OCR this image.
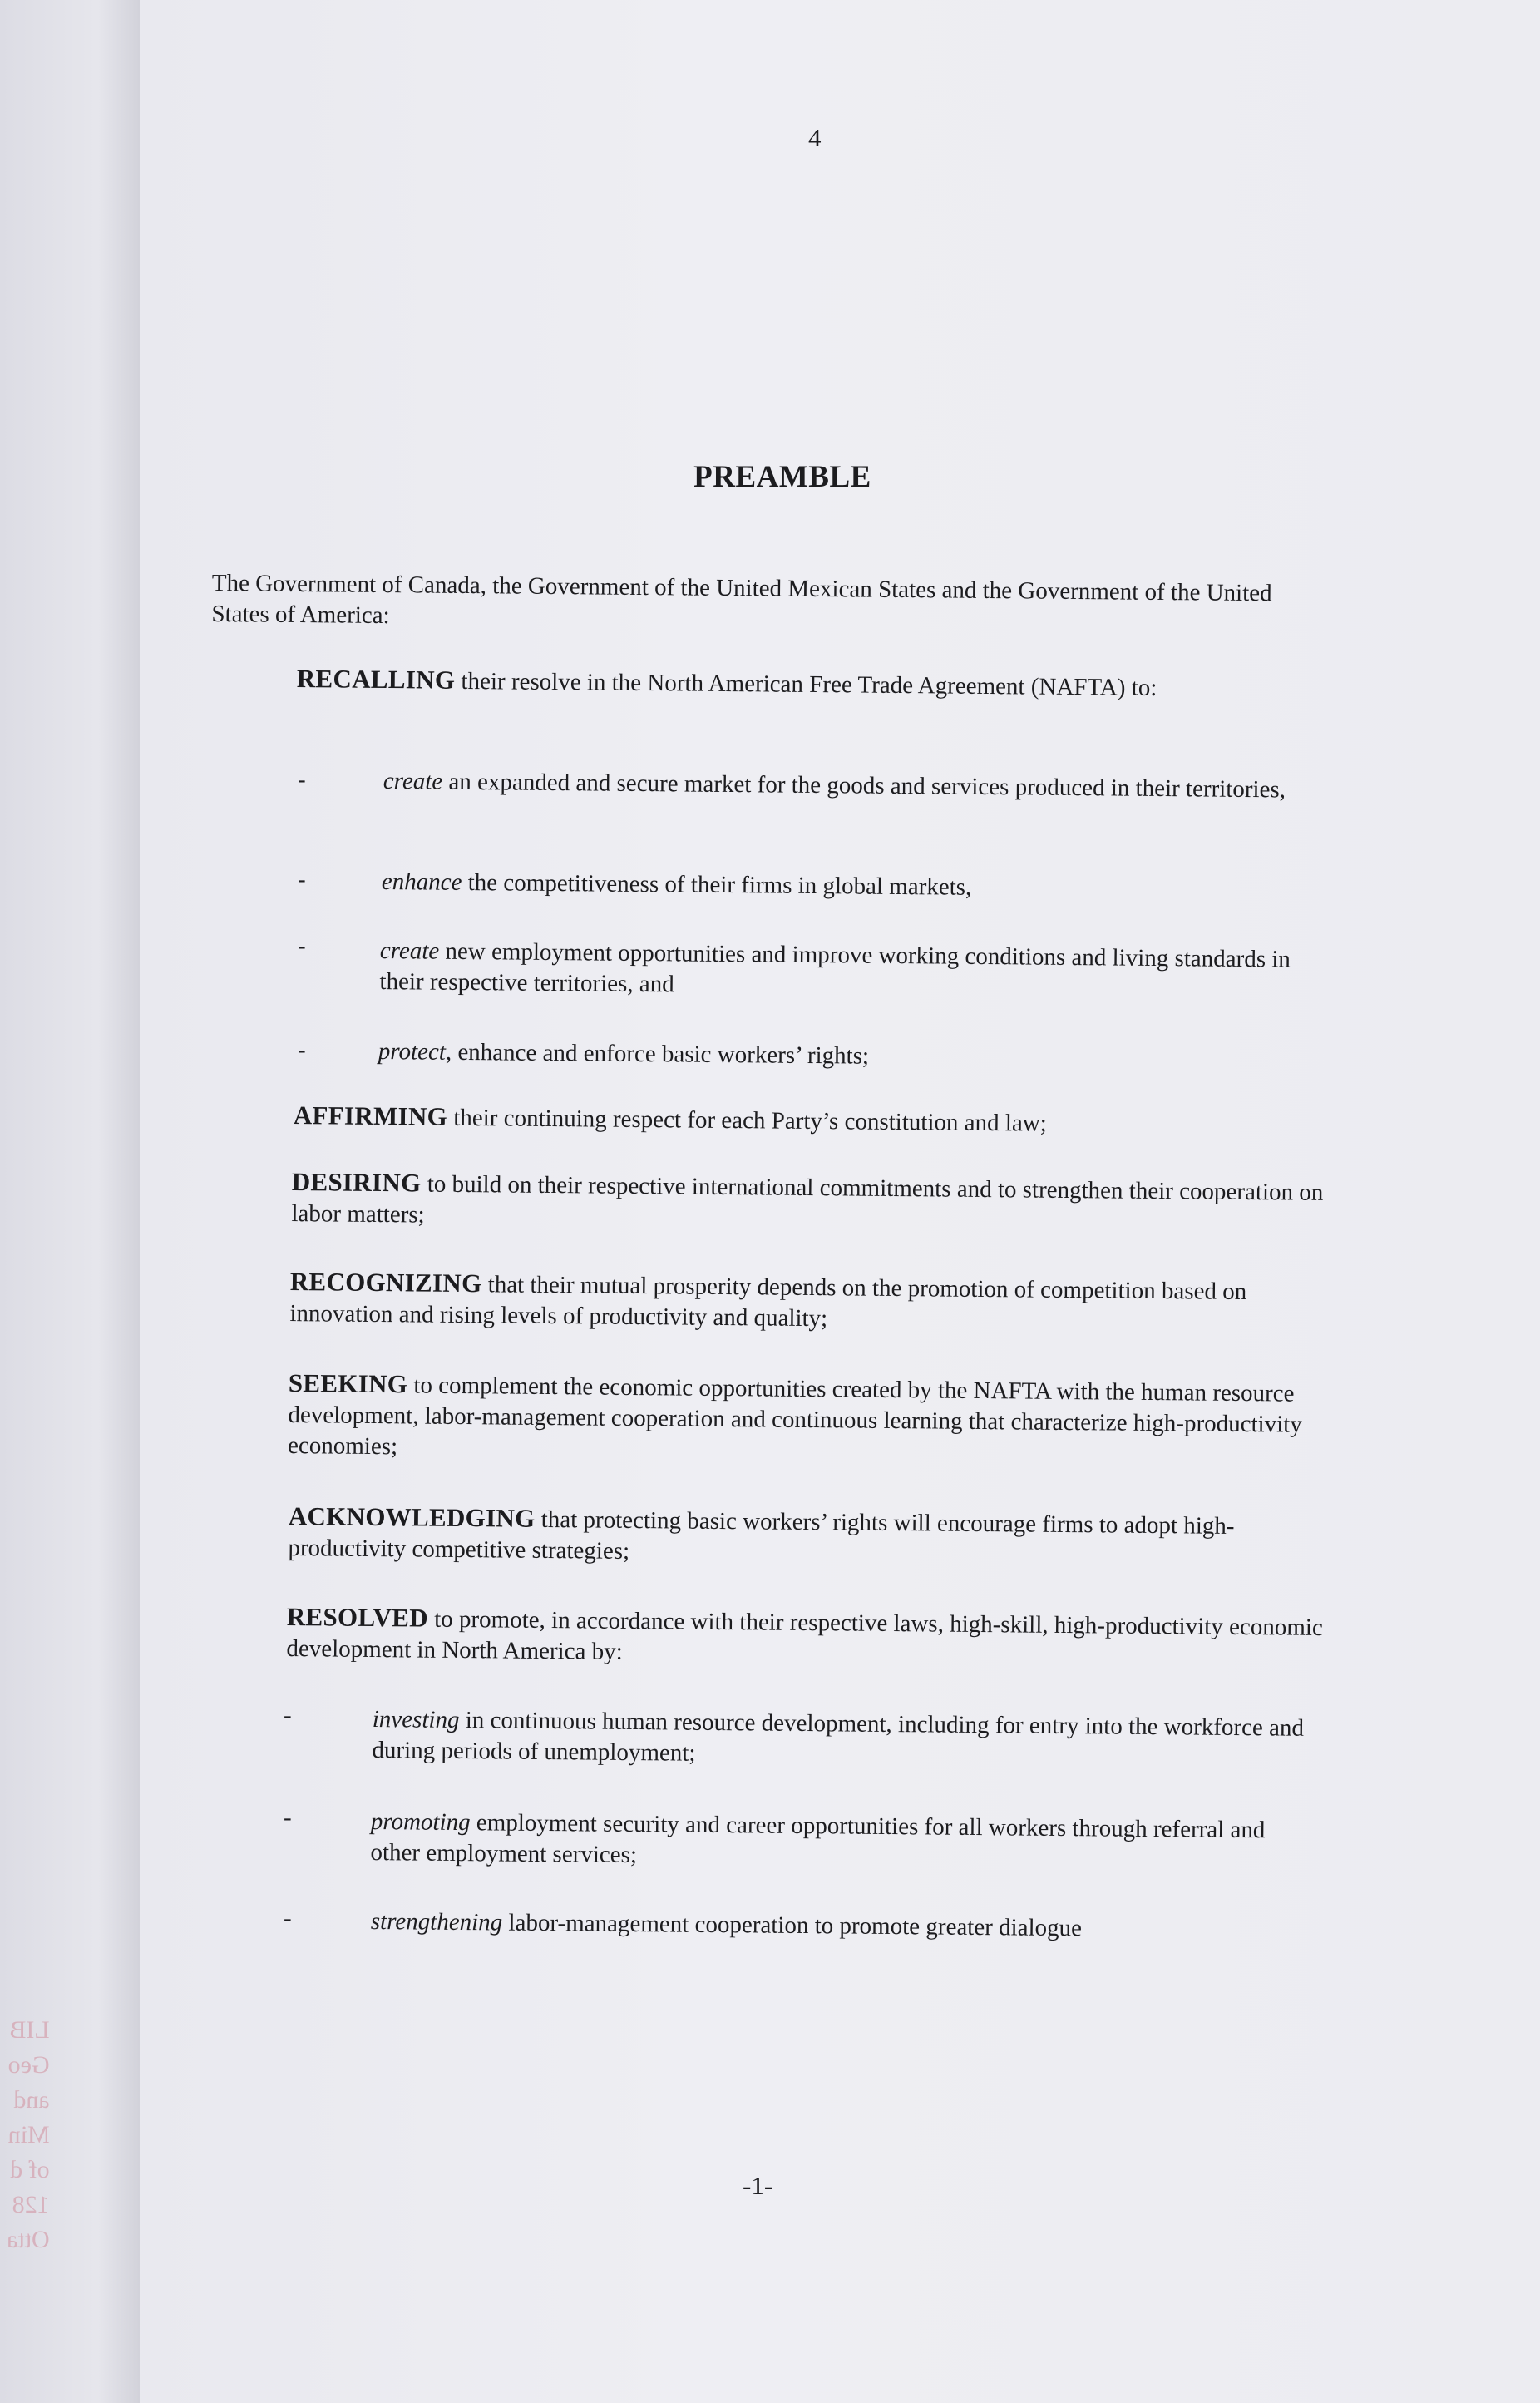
LIB
Geo
and
Min
of d
128
Otta
4
PREAMBLE
The Government of Canada, the Government of the United Mexican States and the Government of the United States of America:
RECALLING their resolve in the North American Free Trade Agreement (NAFTA) to:
-	create an expanded and secure market for the goods and services produced in their territories,
-	enhance the competitiveness of their firms in global markets,
-	create new employment opportunities and improve working conditions and living standards in their respective territories, and
-	protect, enhance and enforce basic workers’ rights;
AFFIRMING their continuing respect for each Party’s constitution and law;
DESIRING to build on their respective international commitments and to strengthen their cooperation on labor matters;
RECOGNIZING that their mutual prosperity depends on the promotion of competition based on innovation and rising levels of productivity and quality;
SEEKING to complement the economic opportunities created by the NAFTA with the human resource development, labor-management cooperation and continuous learning that characterize high-productivity economies;
ACKNOWLEDGING that protecting basic workers’ rights will encourage firms to adopt high-productivity competitive strategies;
RESOLVED to promote, in accordance with their respective laws, high-skill, high-productivity economic development in North America by:
-	investing in continuous human resource development, including for entry into the workforce and during periods of unemployment;
-	promoting employment security and career opportunities for all workers through referral and other employment services;
-	strengthening labor-management cooperation to promote greater dialogue
-1-
